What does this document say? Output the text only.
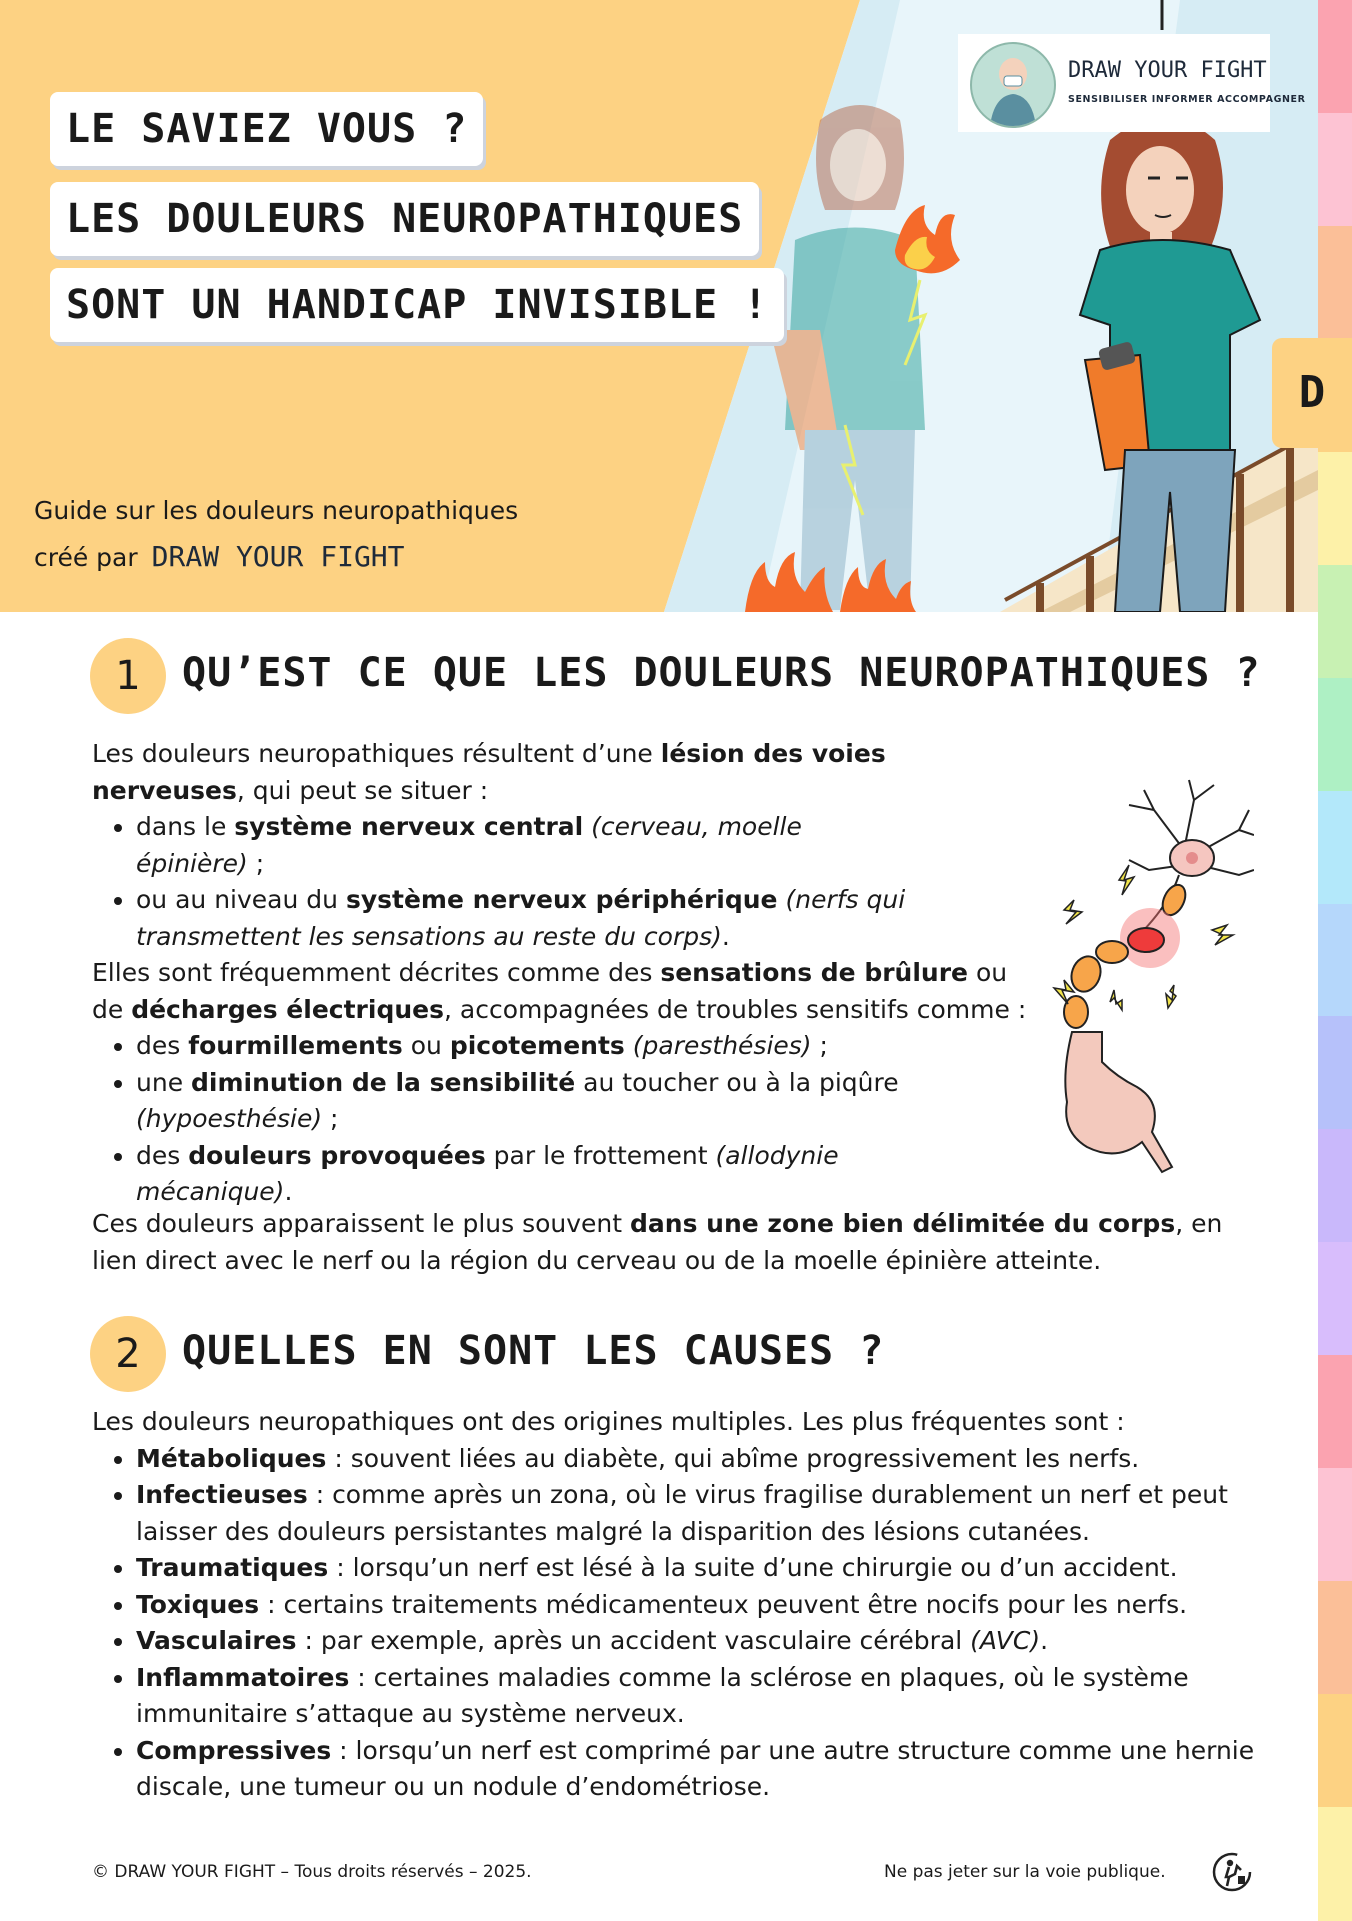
LE SAVIEZ VOUS ?
LES DOULEURS NEUROPATHIQUES
SONT UN HANDICAP INVISIBLE !
DRAW YOUR FIGHT
SENSIBILISER INFORMER ACCOMPAGNER
Guide sur les douleurs neuropathiques
créé par DRAW YOUR FIGHT
D
1	QU’EST CE QUE LES DOULEURS NEUROPATHIQUES ?

Les douleurs neuropathiques résultent d’une lésion des voies nerveuses, qui peut se situer :

• dans le système nerveux central (cerveau, moelle épinière) ;
• ou au niveau du système nerveux périphérique (nerfs qui transmettent les sensations au reste du corps).

Elles sont fréquemment décrites comme des sensations de brûlure ou de décharges électriques, accompagnées de troubles sensitifs comme :

• des fourmillements ou picotements (paresthésies) ;
• une diminution de la sensibilité au toucher ou à la piqûre (hypoesthésie) ;
• des douleurs provoquées par le frottement (allodynie mécanique).

Ces douleurs apparaissent le plus souvent dans une zone bien délimitée du corps, en lien direct avec le nerf ou la région du cerveau ou de la moelle épinière atteinte.

2	QUELLES EN SONT LES CAUSES ?

Les douleurs neuropathiques ont des origines multiples. Les plus fréquentes sont :

• Métaboliques : souvent liées au diabète, qui abîme progressivement les nerfs.
• Infectieuses : comme après un zona, où le virus fragilise durablement un nerf et peut laisser des douleurs persistantes malgré la disparition des lésions cutanées.
• Traumatiques : lorsqu’un nerf est lésé à la suite d’une chirurgie ou d’un accident.
• Toxiques : certains traitements médicamenteux peuvent être nocifs pour les nerfs.
• Vasculaires : par exemple, après un accident vasculaire cérébral (AVC).
• Inflammatoires : certaines maladies comme la sclérose en plaques, où le système immunitaire s’attaque au système nerveux.
• Compressives : lorsqu’un nerf est comprimé par une autre structure comme une hernie discale, une tumeur ou un nodule d’endométriose.
© DRAW YOUR FIGHT – Tous droits réservés – 2025.	Ne pas jeter sur la voie publique.
